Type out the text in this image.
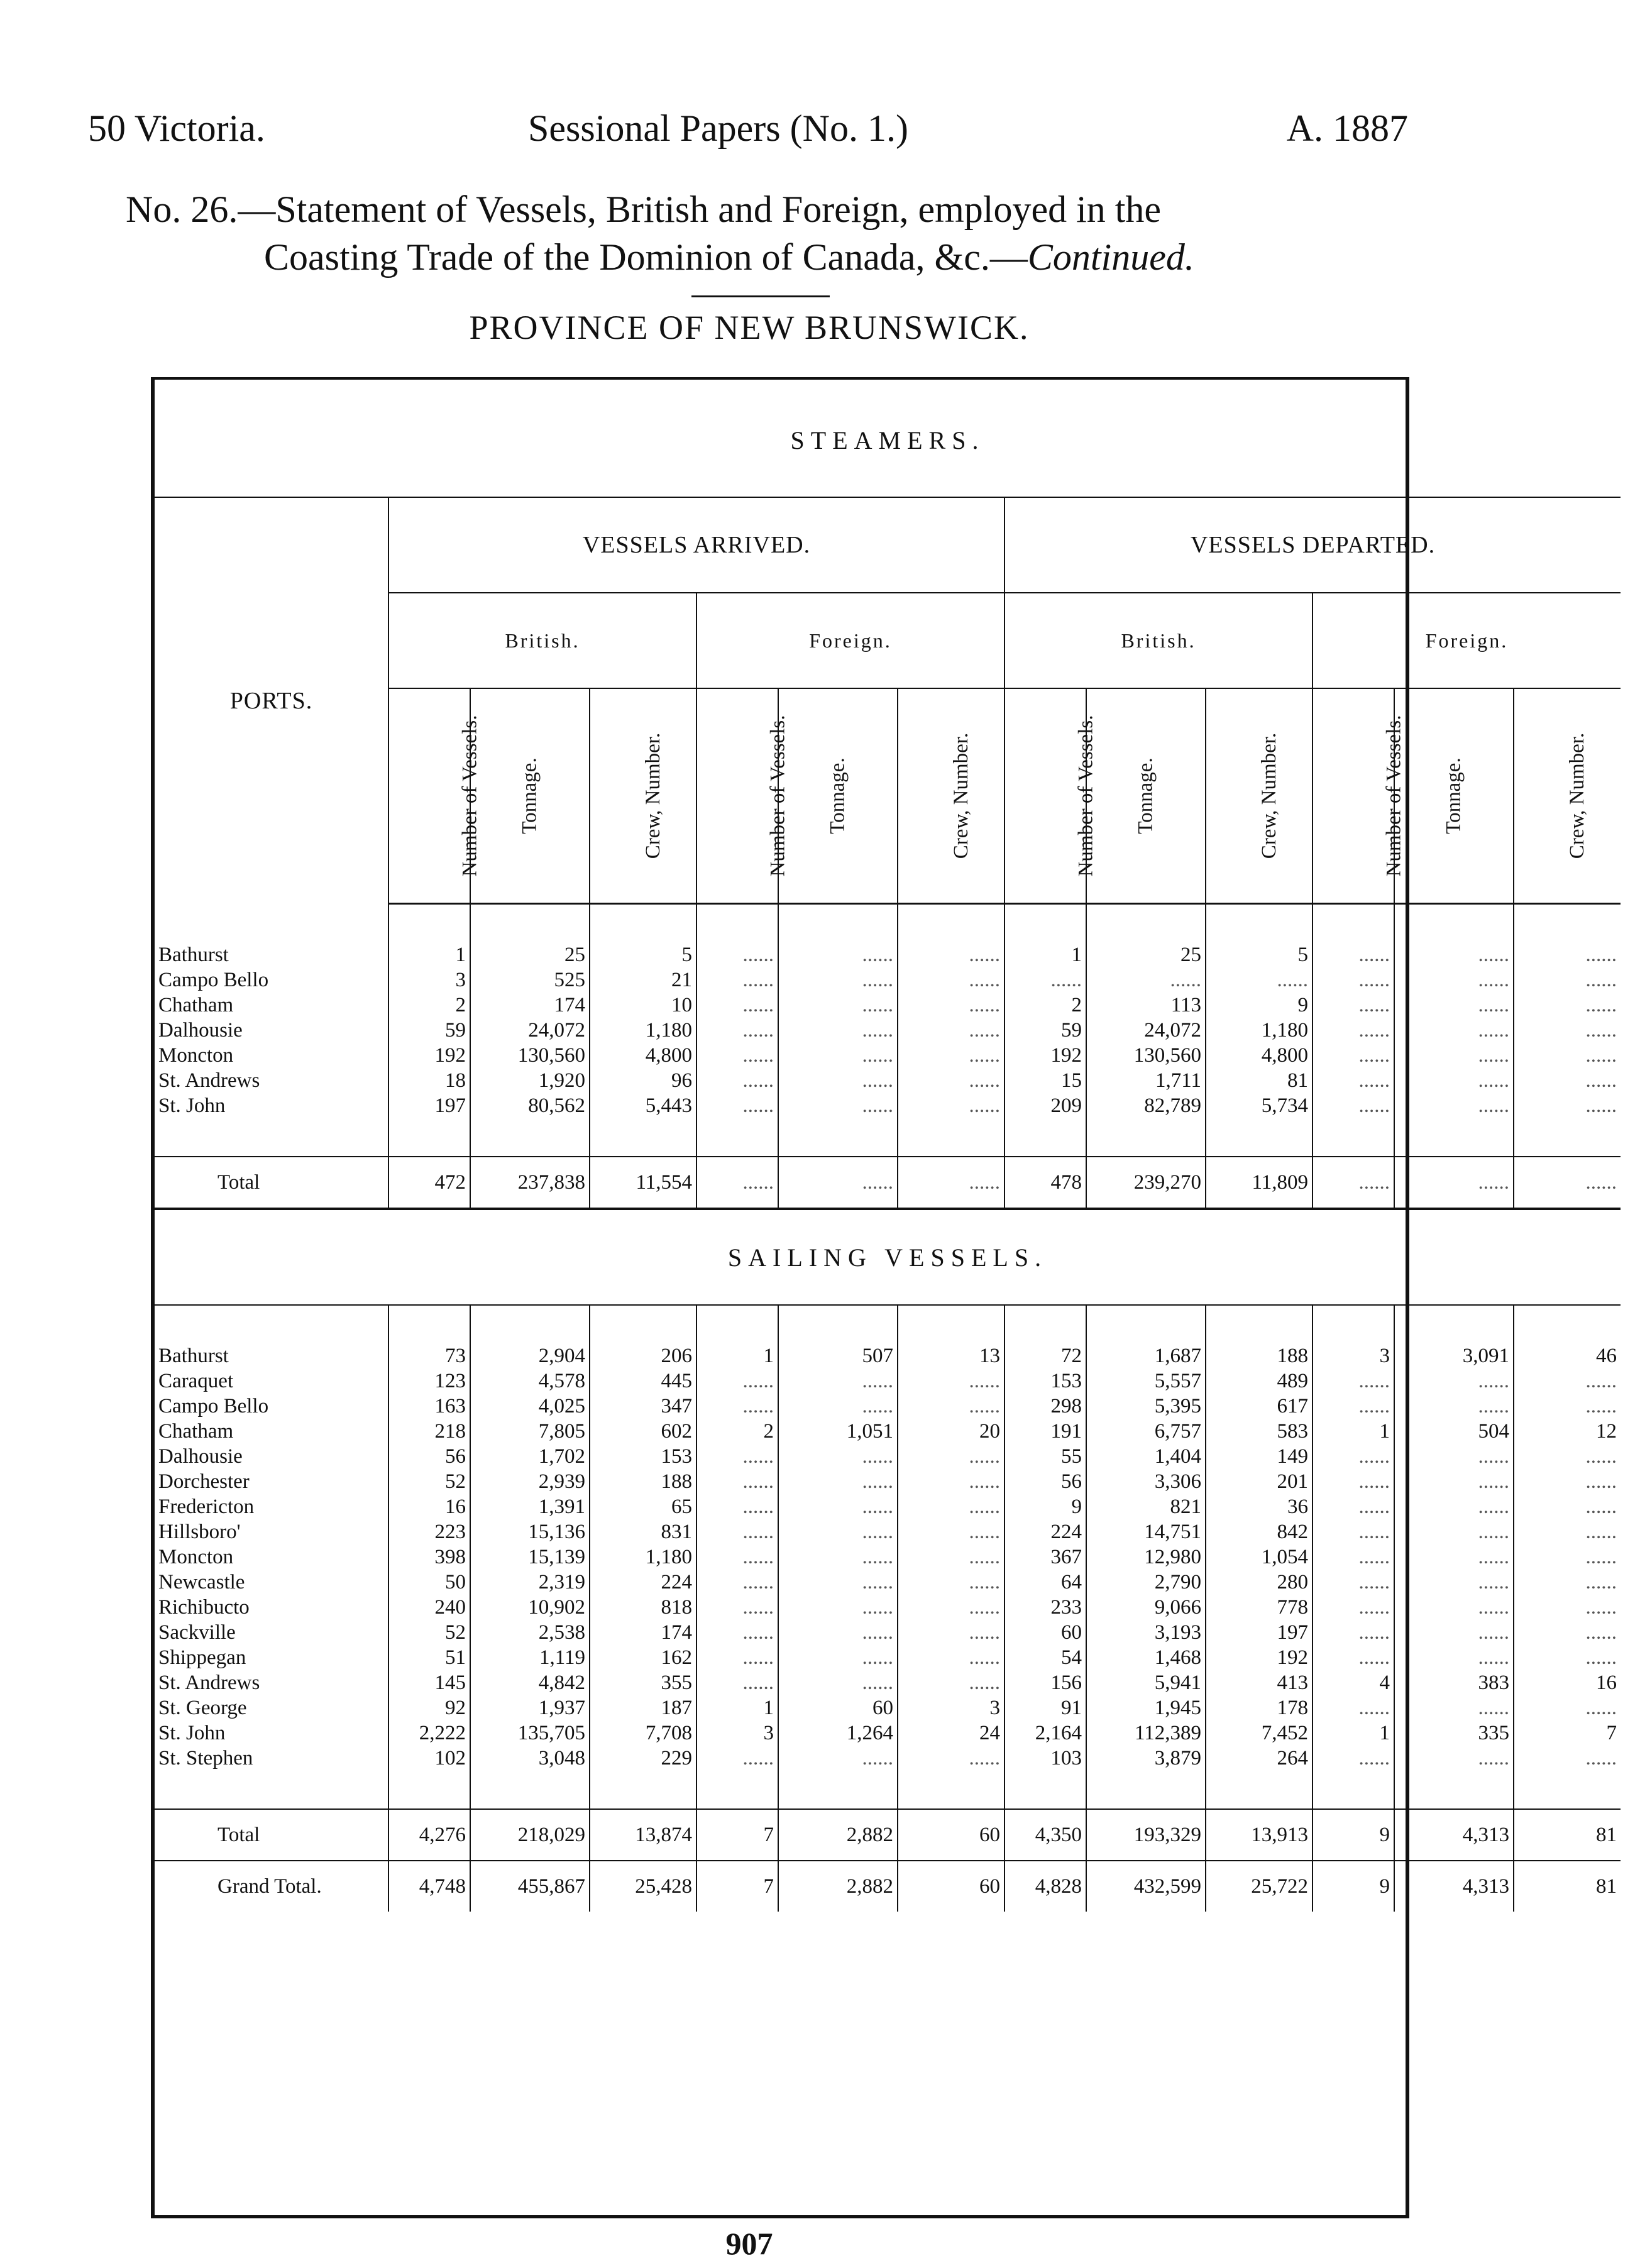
50 Victoria.	Sessional Papers (No. 1.)	A. 1887
No. 26.—Statement of Vessels, British and Foreign, employed in the
Coasting Trade of the Dominion of Canada, &c.—Continued.
PROVINCE OF NEW BRUNSWICK.
STEAMERS.												
PORTS.	VESSELS ARRIVED.						VESSELS DEPARTED.					
	British.			Foreign.			British.			Foreign.		
	Number of Vessels.	Tonnage.	Crew, Number.	Number of Vessels.	Tonnage.	Crew, Number.	Number of Vessels.	Tonnage.	Crew, Number.	Number of Vessels.	Tonnage.	Crew, Number.

Bathurst	1	25	5	......	......	......	1	25	5	......	......	......
Campo Bello	3	525	21	......	......	......	......	......	......	......	......	......
Chatham	2	174	10	......	......	......	2	113	9	......	......	......
Dalhousie	59	24,072	1,180	......	......	......	59	24,072	1,180	......	......	......
Moncton	192	130,560	4,800	......	......	......	192	130,560	4,800	......	......	......
St. Andrews	18	1,920	96	......	......	......	15	1,711	81	......	......	......
St. John	197	80,562	5,443	......	......	......	209	82,789	5,734	......	......	......

Total	472	237,838	11,554	......	......	......	478	239,270	11,809	......	......	......
SAILING VESSELS.												

Bathurst	73	2,904	206	1	507	13	72	1,687	188	3	3,091	46
Caraquet	123	4,578	445	......	......	......	153	5,557	489	......	......	......
Campo Bello	163	4,025	347	......	......	......	298	5,395	617	......	......	......
Chatham	218	7,805	602	2	1,051	20	191	6,757	583	1	504	12
Dalhousie	56	1,702	153	......	......	......	55	1,404	149	......	......	......
Dorchester	52	2,939	188	......	......	......	56	3,306	201	......	......	......
Fredericton	16	1,391	65	......	......	......	9	821	36	......	......	......
Hillsboro'	223	15,136	831	......	......	......	224	14,751	842	......	......	......
Moncton	398	15,139	1,180	......	......	......	367	12,980	1,054	......	......	......
Newcastle	50	2,319	224	......	......	......	64	2,790	280	......	......	......
Richibucto	240	10,902	818	......	......	......	233	9,066	778	......	......	......
Sackville	52	2,538	174	......	......	......	60	3,193	197	......	......	......
Shippegan	51	1,119	162	......	......	......	54	1,468	192	......	......	......
St. Andrews	145	4,842	355	......	......	......	156	5,941	413	4	383	16
St. George	92	1,937	187	1	60	3	91	1,945	178	......	......	......
St. John	2,222	135,705	7,708	3	1,264	24	2,164	112,389	7,452	1	335	7
St. Stephen	102	3,048	229	......	......	......	103	3,879	264	......	......	......

Total	4,276	218,029	13,874	7	2,882	60	4,350	193,329	13,913	9	4,313	81
Grand Total.	4,748	455,867	25,428	7	2,882	60	4,828	432,599	25,722	9	4,313	81
907
